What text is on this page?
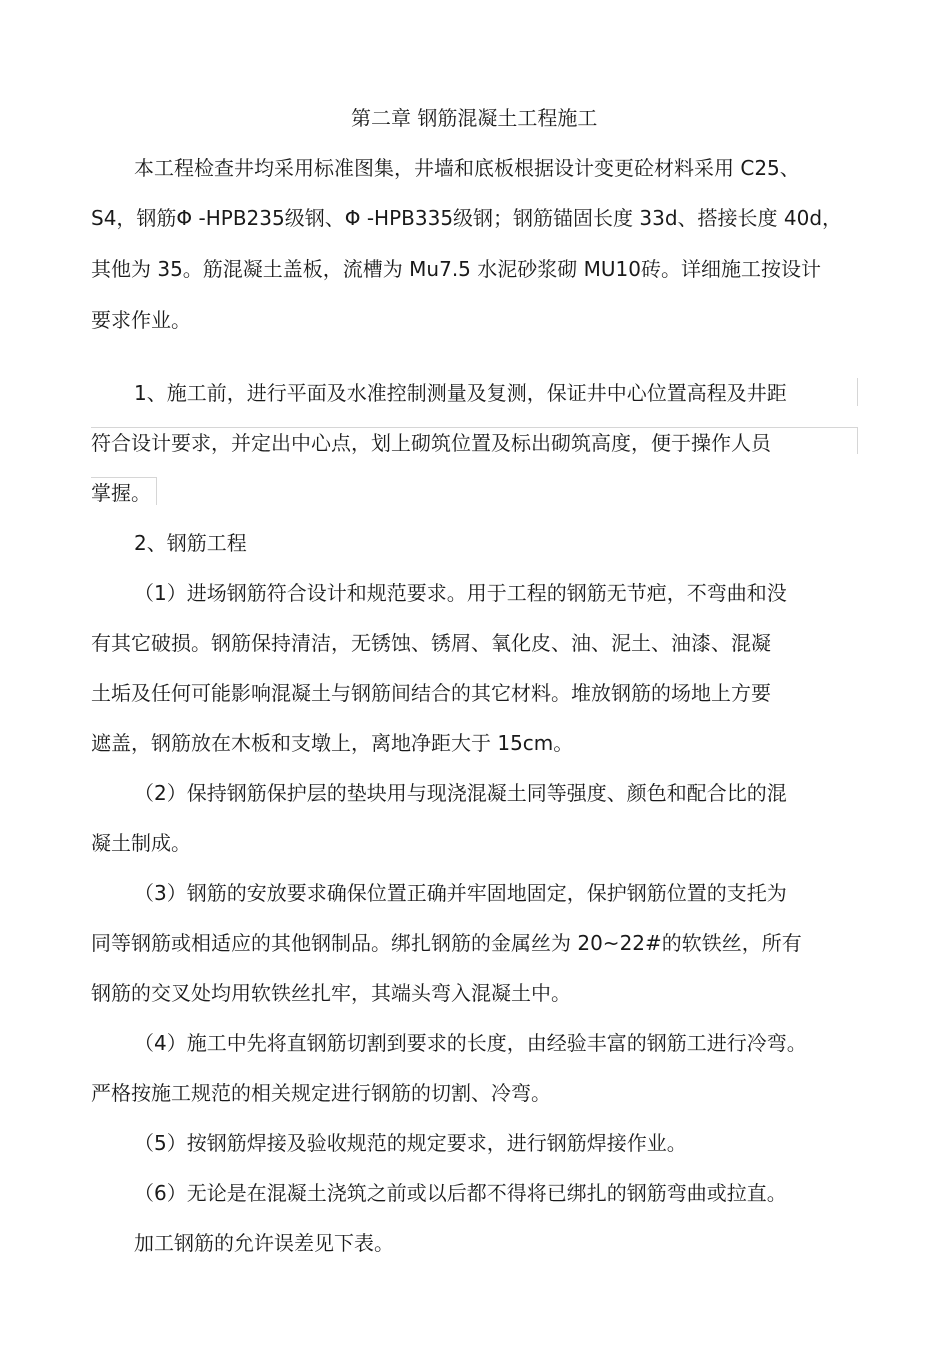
第二章 钢筋混凝土工程施工
本工程检查井均采用标准图集，井墙和底板根据设计变更砼材料采用 C25、
S4，钢筋Φ -HPB235级钢、Φ -HPB335级钢；钢筋锚固长度 33d、搭接长度 40d，
其他为 35。筋混凝土盖板，流槽为 Mu7.5 水泥砂浆砌 MU10砖。详细施工按设计
要求作业。
1、施工前，进行平面及水准控制测量及复测，保证井中心位置高程及井距
符合设计要求，并定出中心点，划上砌筑位置及标出砌筑高度，便于操作人员
掌握。
2、钢筋工程
（1）进场钢筋符合设计和规范要求。用于工程的钢筋无节疤，不弯曲和没
有其它破损。钢筋保持清洁，无锈蚀、锈屑、氧化皮、油、泥土、油漆、混凝
土垢及任何可能影响混凝土与钢筋间结合的其它材料。堆放钢筋的场地上方要
遮盖，钢筋放在木板和支墩上，离地净距大于 15cm。
（2）保持钢筋保护层的垫块用与现浇混凝土同等强度、颜色和配合比的混
凝土制成。
（3）钢筋的安放要求确保位置正确并牢固地固定，保护钢筋位置的支托为
同等钢筋或相适应的其他钢制品。绑扎钢筋的金属丝为 20~22#的软铁丝，所有
钢筋的交叉处均用软铁丝扎牢，其端头弯入混凝土中。
（4）施工中先将直钢筋切割到要求的长度，由经验丰富的钢筋工进行冷弯。
严格按施工规范的相关规定进行钢筋的切割、冷弯。
（5）按钢筋焊接及验收规范的规定要求，进行钢筋焊接作业。
（6）无论是在混凝土浇筑之前或以后都不得将已绑扎的钢筋弯曲或拉直。
加工钢筋的允许误差见下表。
